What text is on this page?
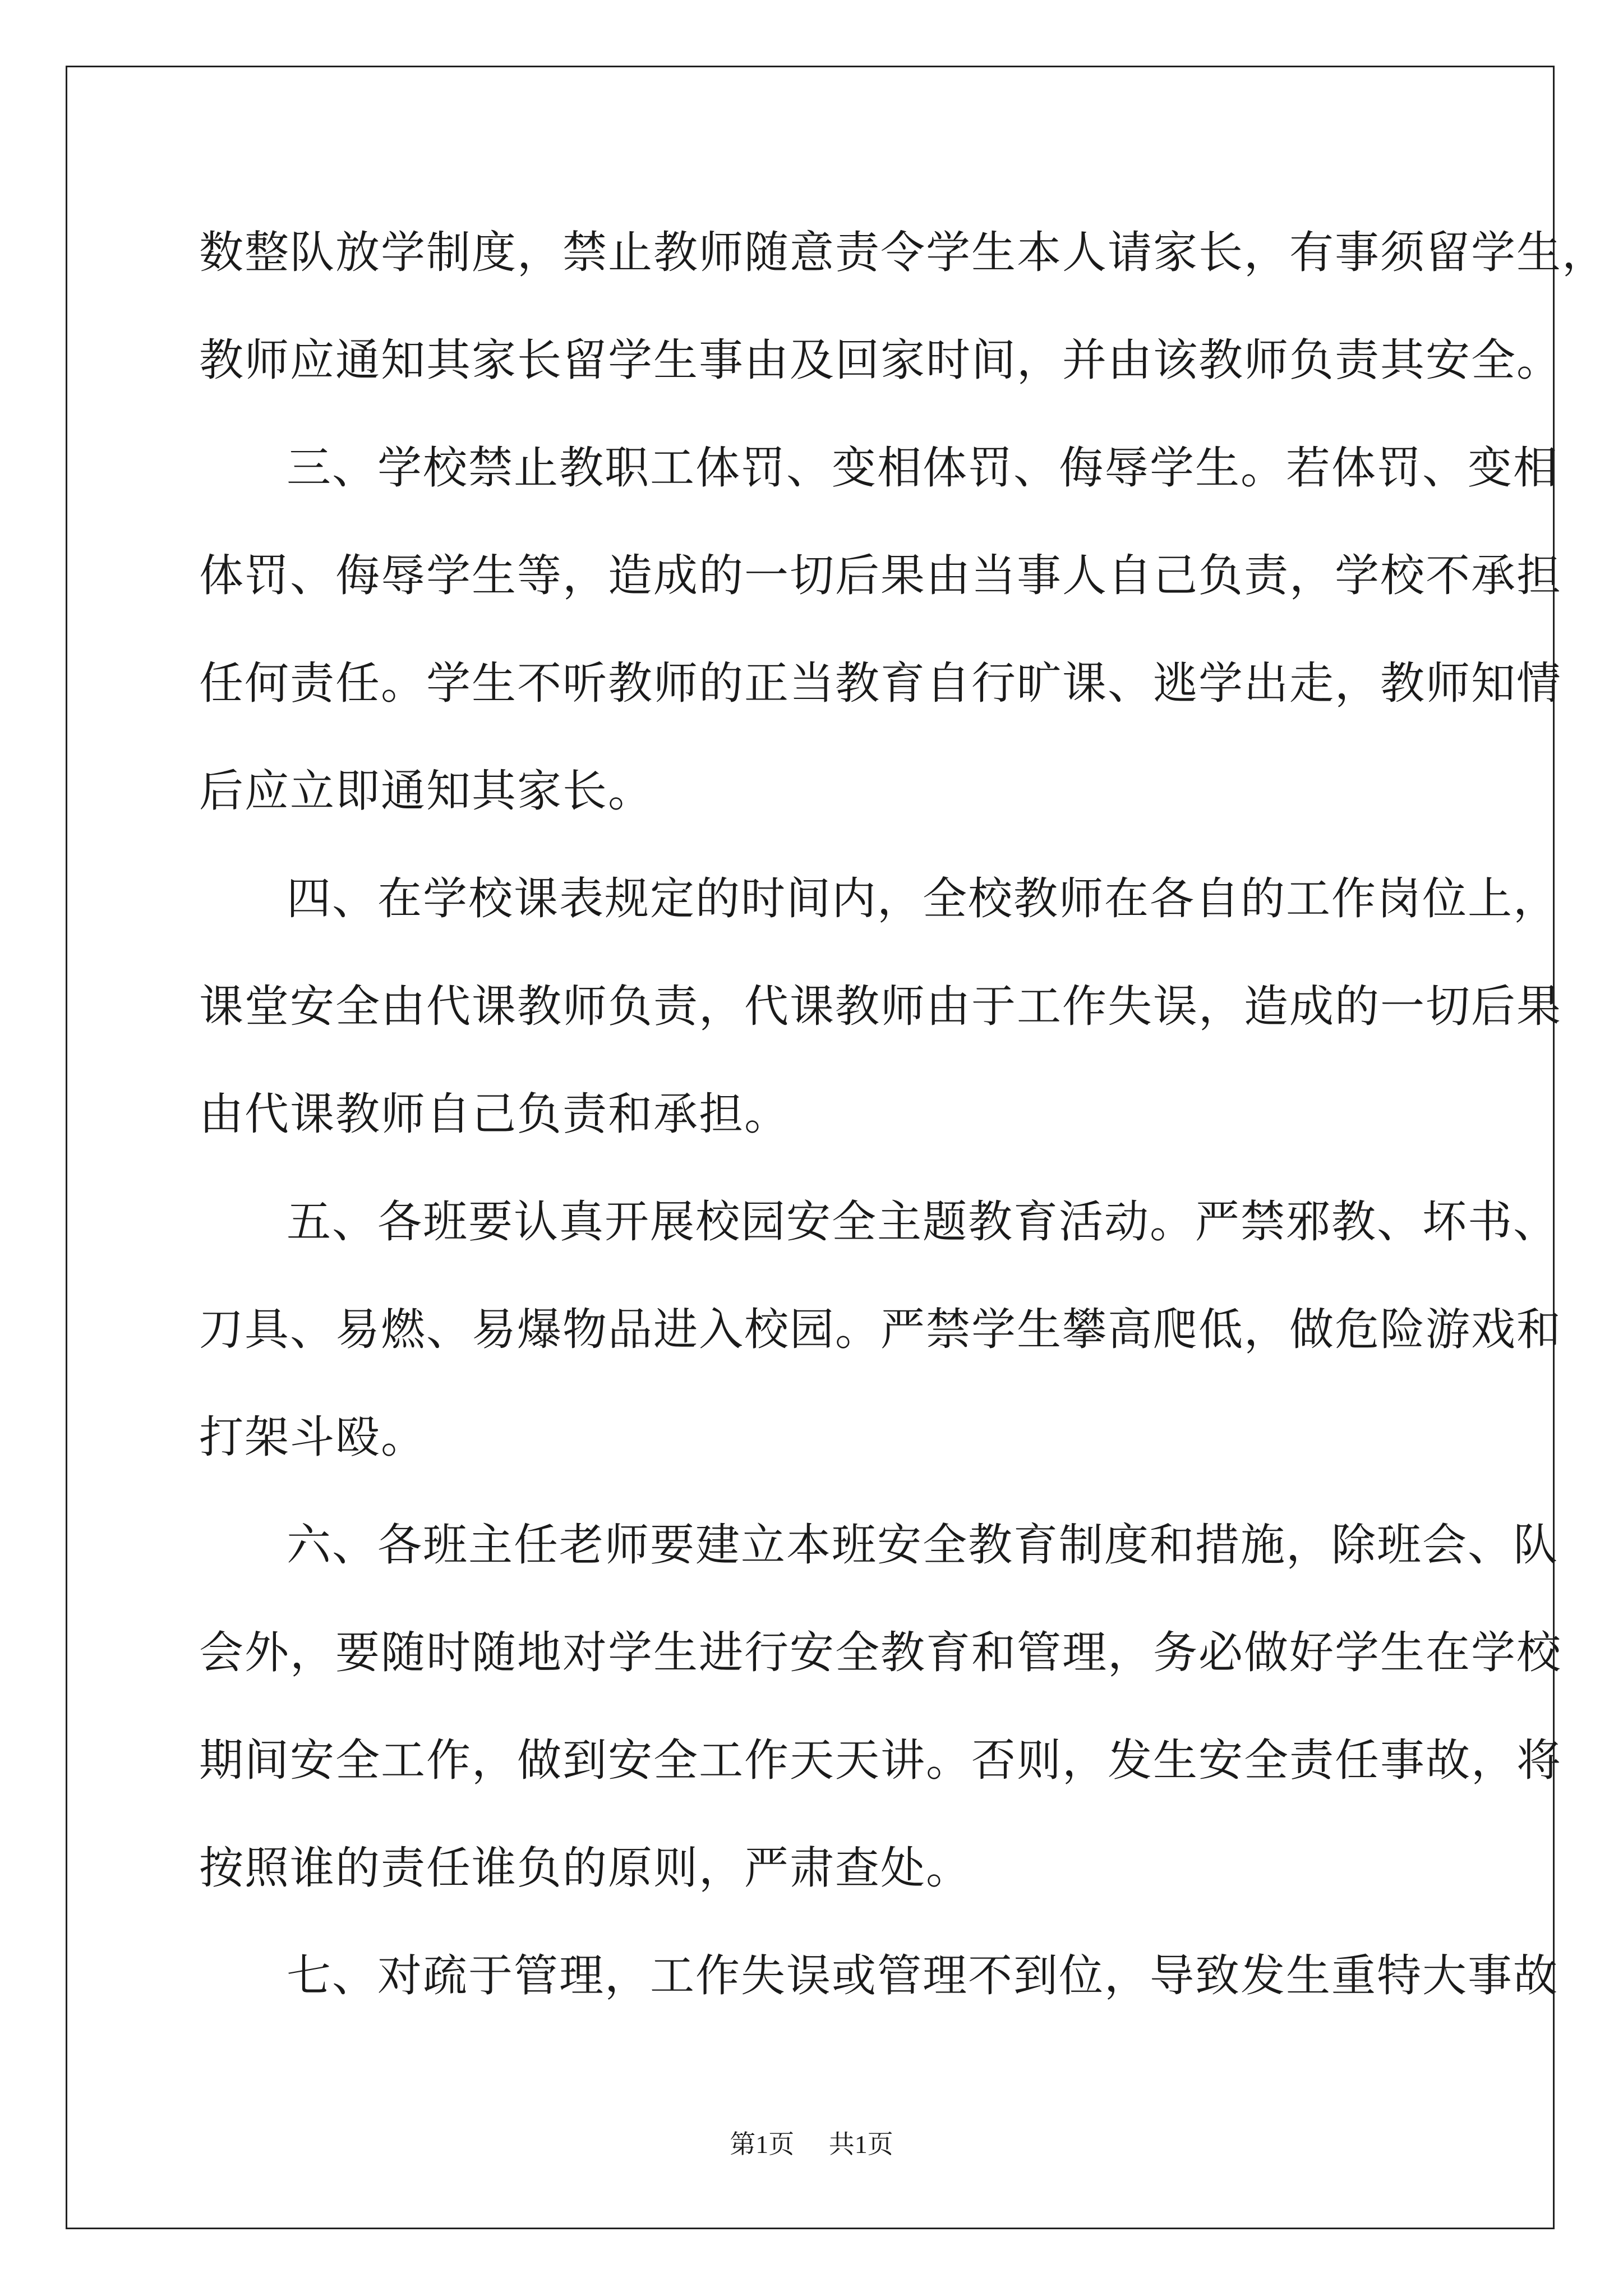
数整队放学制度，禁止教师随意责令学生本人请家长，有事须留学生，
教师应通知其家长留学生事由及回家时间，并由该教师负责其安全。
三、学校禁止教职工体罚、变相体罚、侮辱学生。若体罚、变相
体罚、侮辱学生等，造成的一切后果由当事人自己负责，学校不承担
任何责任。学生不听教师的正当教育自行旷课、逃学出走，教师知情
后应立即通知其家长。
四、在学校课表规定的时间内，全校教师在各自的工作岗位上，
课堂安全由代课教师负责，代课教师由于工作失误，造成的一切后果
由代课教师自己负责和承担。
五、各班要认真开展校园安全主题教育活动。严禁邪教、坏书、
刀具、易燃、易爆物品进入校园。严禁学生攀高爬低，做危险游戏和
打架斗殴。
六、各班主任老师要建立本班安全教育制度和措施，除班会、队
会外，要随时随地对学生进行安全教育和管理，务必做好学生在学校
期间安全工作，做到安全工作天天讲。否则，发生安全责任事故，将
按照谁的责任谁负的原则，严肃查处。
七、对疏于管理，工作失误或管理不到位，导致发生重特大事故
第1页 共1页
